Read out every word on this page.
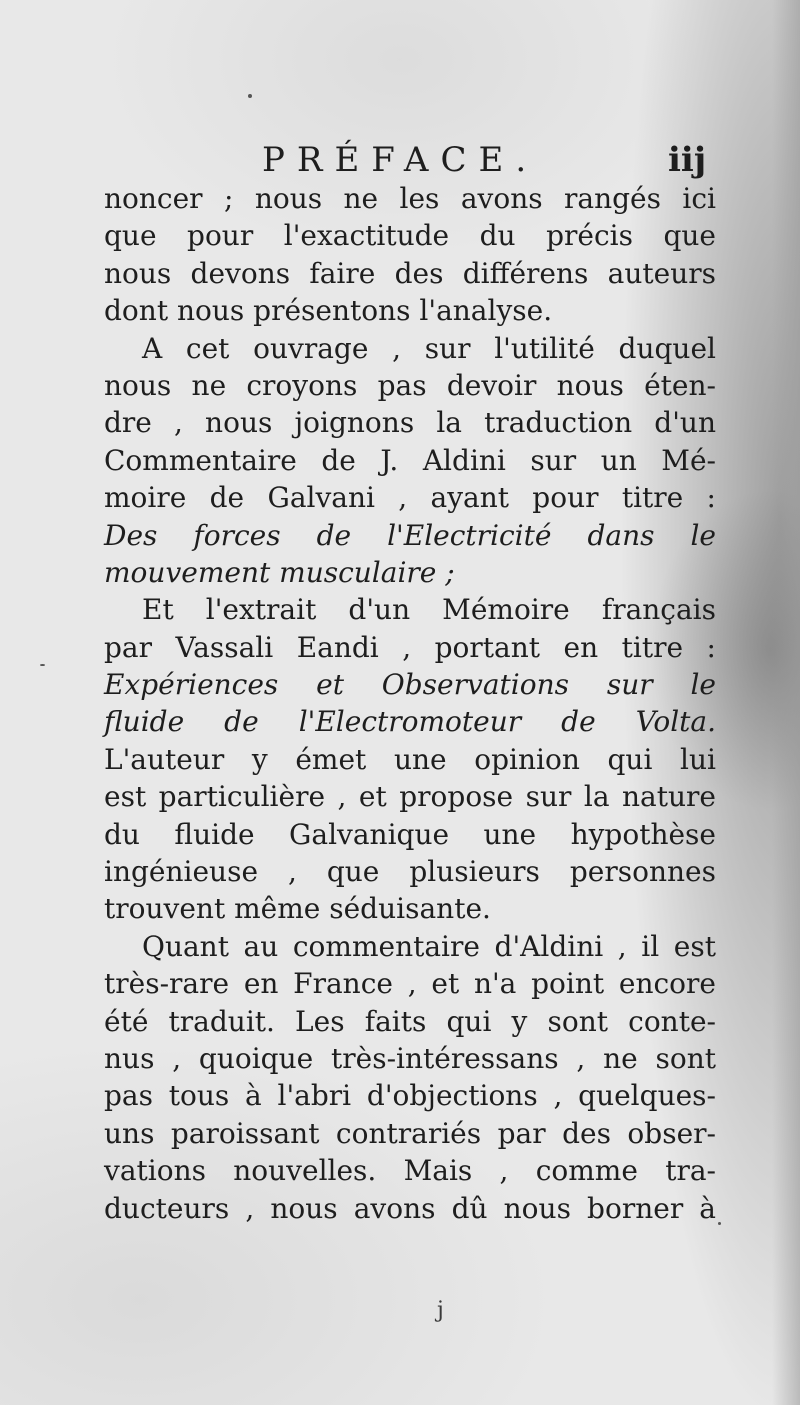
PRÉFACE.	iij
noncer ; nous ne les avons rangés ici
que pour l'exactitude du précis que
nous devons faire des différens auteurs
dont nous présentons l'analyse.
A cet ouvrage , sur l'utilité duquel
nous ne croyons pas devoir nous éten-
dre , nous joignons la traduction d'un
Commentaire de J. Aldini sur un Mé-
moire de Galvani , ayant pour titre :
Des forces de l'Electricité dans le
mouvement musculaire ;
Et l'extrait d'un Mémoire français
par Vassali Eandi , portant en titre :
Expériences et Observations sur le
fluide de l'Electromoteur de Volta.
L'auteur y émet une opinion qui lui
est particulière , et propose sur la nature
du fluide Galvanique une hypothèse
ingénieuse , que plusieurs personnes
trouvent même séduisante.
Quant au commentaire d'Aldini , il est
très-rare en France , et n'a point encore
été traduit. Les faits qui y sont conte-
nus , quoique très-intéressans , ne sont
pas tous à l'abri d'objections , quelques-
uns paroissant contrariés par des obser-
vations nouvelles. Mais , comme tra-
ducteurs , nous avons dû nous borner à
j
